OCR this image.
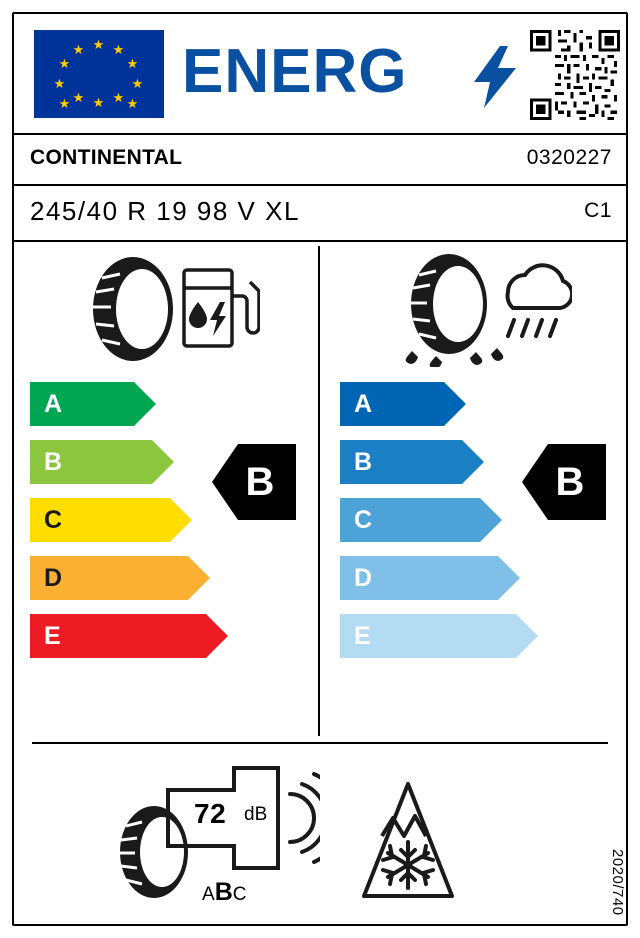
★ ★
★
★
★
★
★
★
★
★
★
★ ENERG
CONTINENTAL	0320227
245/40 R 19 98 V XL	C1
A
B
C
D
E
A
B
C
D
E
B	B
72 dB
ABC	2020/740
